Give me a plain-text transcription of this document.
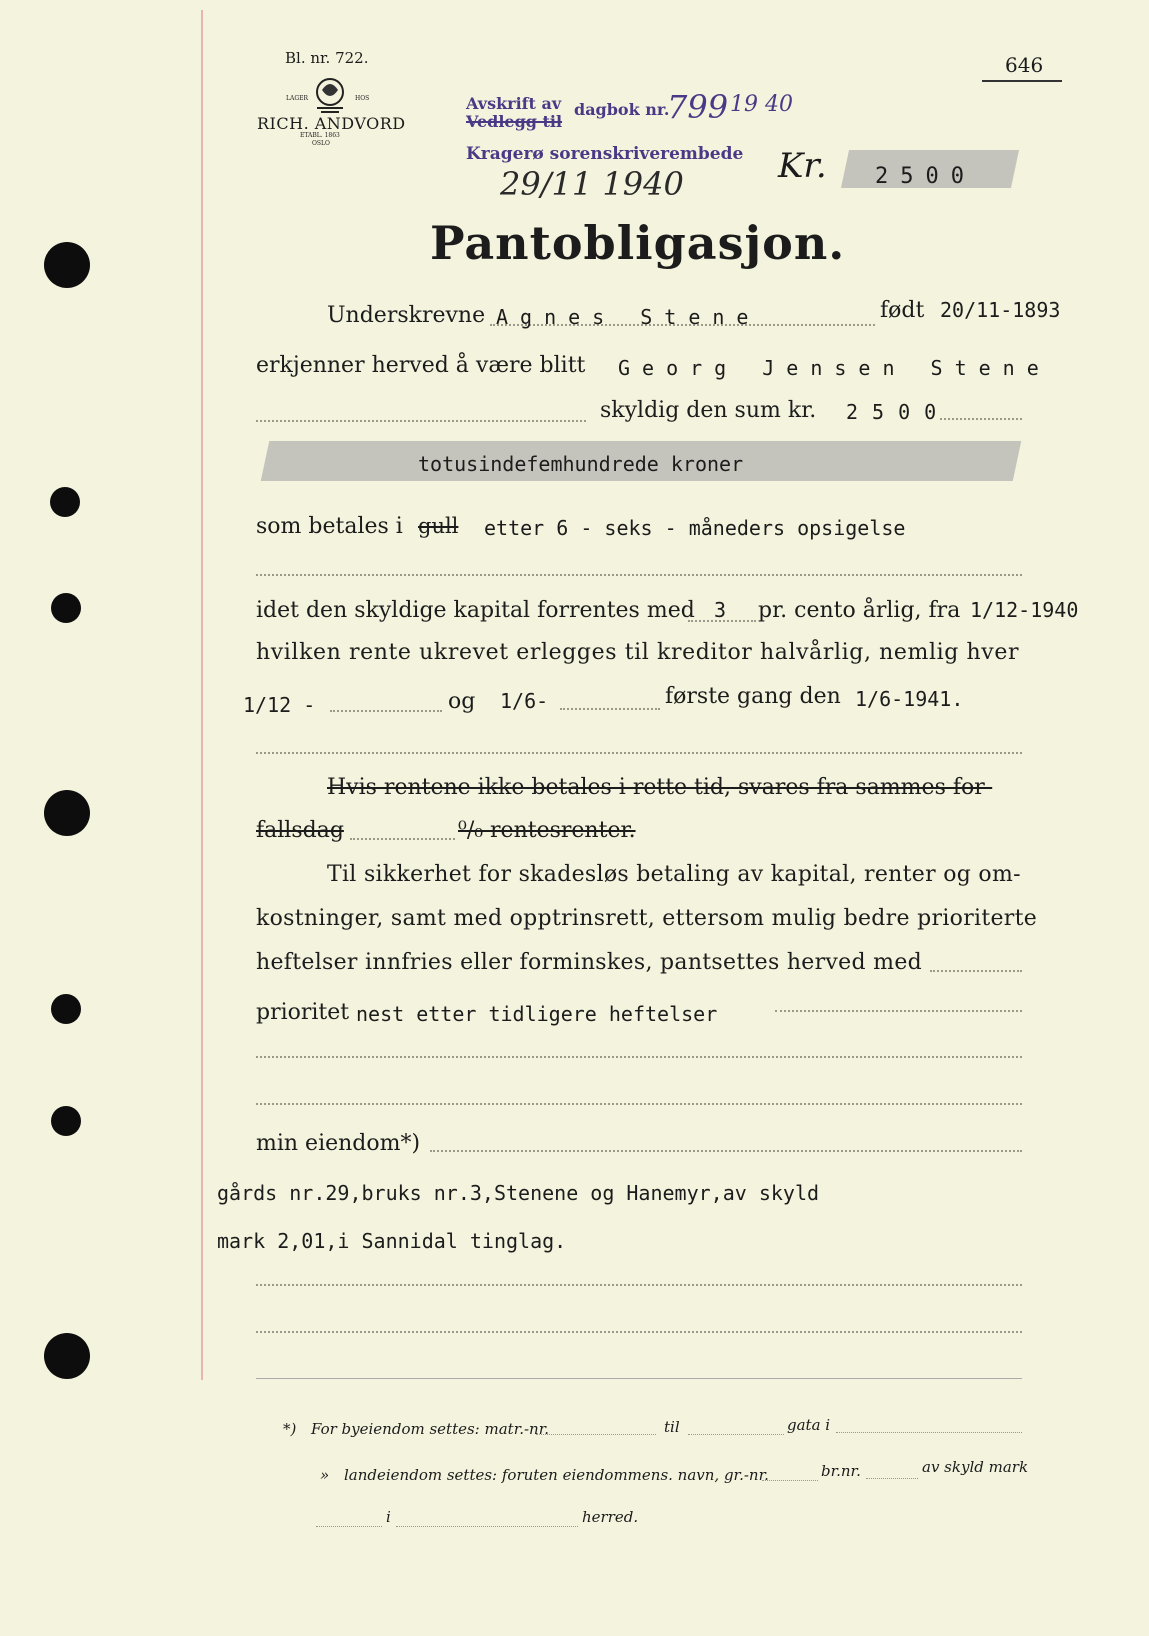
Bl. nr. 722.
LAGER	HOS
RICH. ANDVORD
ETABL. 1863
OSLO
646
Avskrift av
Vedlegg til
dagbok nr.
799 19 40
Kragerø sorenskriverembede
29/11 1940	Kr. 2500
Pantobligasjon.
Underskrevne Agnes Stene	født 20/11-1893
erkjenner herved å være blitt Georg Jensen Stene
skyldig den sum kr. 2500
totusindefemhundrede kroner
som betales i gull etter 6 - seks - måneders opsigelse
idet den skyldige kapital forrentes med 3 pr. cento årlig, fra 1/12-1940
hvilken rente ukrevet erlegges til kreditor halvårlig, nemlig hver
1/12 -	og 1/6-	første gang den 1/6-1941.
Hvis rentene ikke betales i rette tid, svares fra sammes for-
fallsdag	⁰/₀ rentesrenter.
Til sikkerhet for skadesløs betaling av kapital, renter og om-
kostninger, samt med opptrinsrett, ettersom mulig bedre prioriterte
heftelser innfries eller forminskes, pantsettes herved med
prioritet nest etter tidligere heftelser
min eiendom*)
gårds nr.29,bruks nr.3,Stenene og Hanemyr,av skyld
mark 2,01,i Sannidal tinglag.
*) For byeiendom settes: matr.-nr.	til	gata i
» landeiendom settes: foruten eiendommens. navn, gr.-nr.	br.nr.	av skyld mark
i	herred.
